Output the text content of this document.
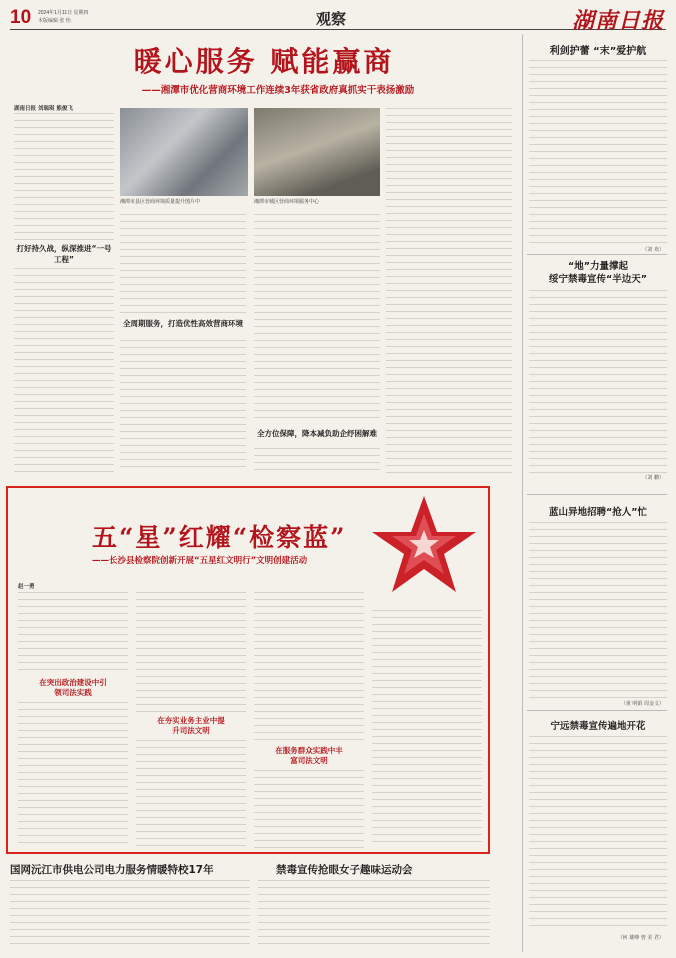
10 2024年1月11日 星期四
本版编辑 张 怡	观察	湖南日报
暖心服务 赋能赢商
——湘潭市优化营商环境工作连续3年获省政府真抓实干表扬激励
湖南日报 刘瑞琪 熊俊飞
打好持久战，纵深推进“一号工程”
湘潭市县区营商环境质量提升图片中	湘潭市城区营商环境服务中心
全周期服务，打造优性高效营商环境
全方位保障，降本减负助企纾困解难
五“星”红耀“检察蓝”
——长沙县检察院创新开展“五星红文明行”文明创建活动
赵一勇
在突出政治建设中引领司法实践
在夯实业务主业中提升司法文明
在服务群众实践中丰富司法文明
国网沅江市供电公司电力服务情暖特校17年	禁毒宣传抢眼女子趣味运动会
利剑护蕾 “末”爱护航
（刘 欢）
“地”力量撑起
绥宁禁毒宣传“半边天”
（刘 鹏）
蓝山异地招聘“抢人”忙
（黄 明娟 周金文）
宁远禁毒宣传遍地开花
（何 雄峰 曾 美 君）
